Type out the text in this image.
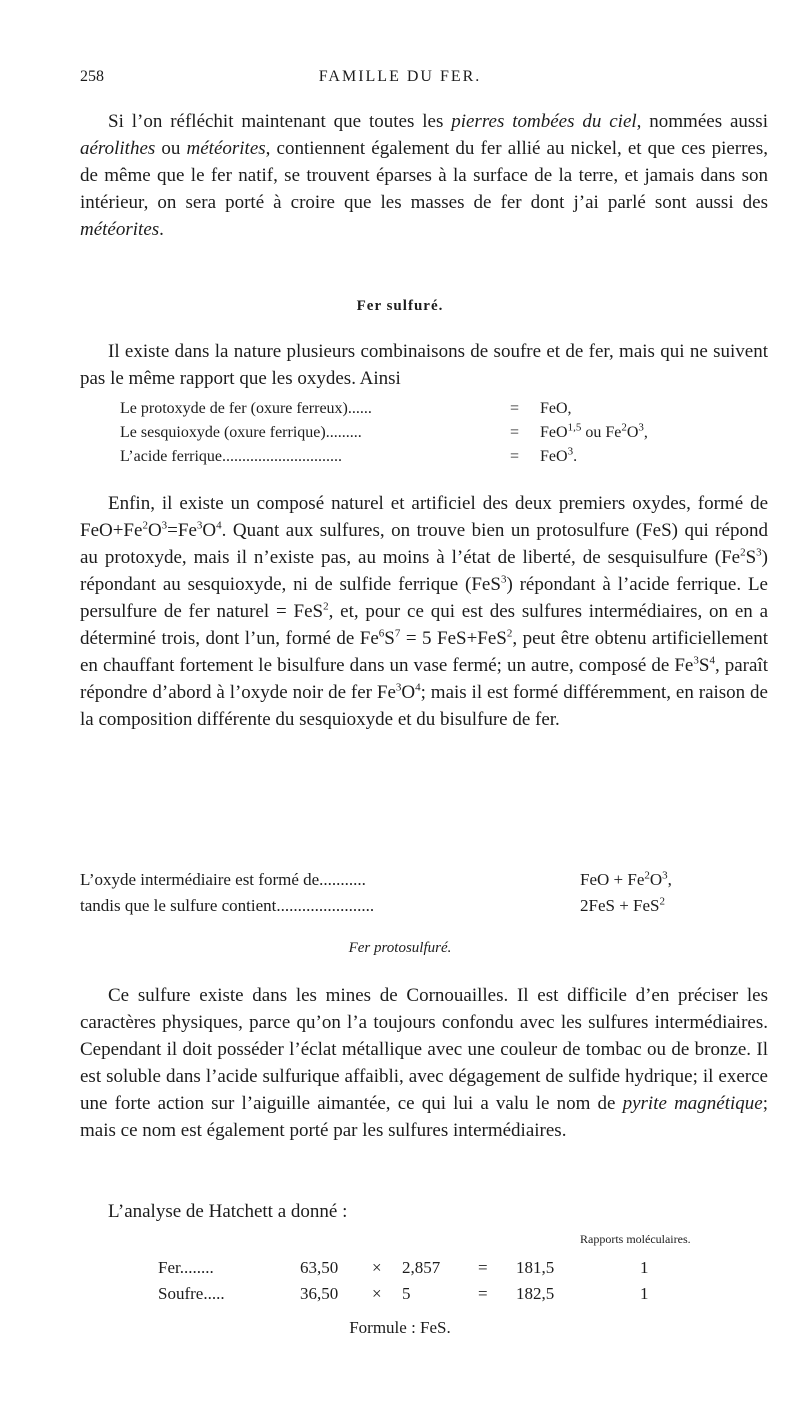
258	FAMILLE DU FER.

Si l’on réfléchit maintenant que toutes les pierres tombées du ciel, nommées aussi aérolithes ou météorites, contiennent également du fer allié au nickel, et que ces pierres, de même que le fer natif, se trouvent éparses à la surface de la terre, et jamais dans son intérieur, on sera porté à croire que les masses de fer dont j’ai parlé sont aussi des météorites.

Fer sulfuré.

Il existe dans la nature plusieurs combinaisons de soufre et de fer, mais qui ne suivent pas le même rapport que les oxydes. Ainsi

Le protoxyde de fer (oxure ferreux)......	= FeO,
Le sesquioxyde (oxure ferrique).........	= FeO$^{1,5}$ ou $Fe^2O^3$,
L’acide ferrique..............................	= FeO$^3$.

Enfin, il existe un composé naturel et artificiel des deux premiers oxydes, formé de $FeO+Fe^2O^3=Fe^3O^4$. Quant aux sulfures, on trouve bien un protosulfure (FeS) qui répond au protoxyde, mais il n’existe pas, au moins à l’état de liberté, de sesquisulfure $(Fe^2S^3)$ répondant au sesquioxyde, ni de sulfide ferrique (FeS$^3$) répondant à l’acide ferrique. Le persulfure de fer naturel = FeS$^2$, et, pour ce qui est des sulfures intermédiaires, on en a déterminé trois, dont l’un, formé de $Fe^6S^7 = 5$ FeS+FeS$^2$, peut être obtenu artificiellement en chauffant fortement le bisulfure dans un vase fermé; un autre, composé de $Fe^3S^4$, paraît répondre d’abord à l’oxyde noir de fer $Fe^3O^4$; mais il est formé différemment, en raison de la composition différente du sesquioxyde et du bisulfure de fer.

L’oxyde intermédiaire est formé de...........	FeO + $Fe^2O^3$,
tandis que le sulfure contient.......................	2FeS + FeS$^2$
Fer protosulfuré.

Ce sulfure existe dans les mines de Cornouailles. Il est difficile d’en préciser les caractères physiques, parce qu’on l’a toujours confondu avec les sulfures intermédiaires. Cependant il doit posséder l’éclat métallique avec une couleur de tombac ou de bronze. Il est soluble dans l’acide sulfurique affaibli, avec dégagement de sulfide hydrique; il exerce une forte action sur l’aiguille aimantée, ce qui lui a valu le nom de pyrite magnétique; mais ce nom est également porté par les sulfures intermédiaires.

L’analyse de Hatchett a donné :

Rapports moléculaires.
Fer........	63,50 × 2,857 = 181,5	1
Soufre.....	36,50 × 5	= 182,5	1
Formule : FeS.
